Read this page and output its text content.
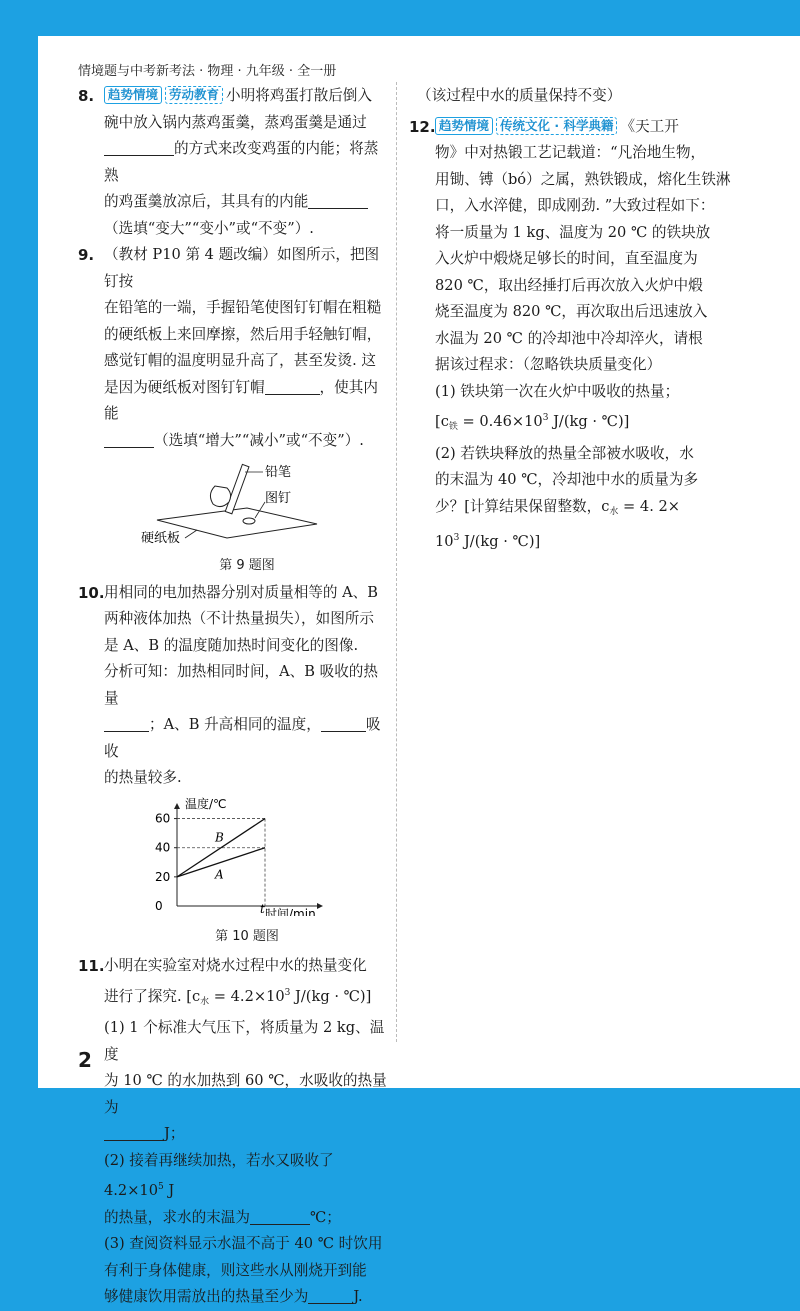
情境题与中考新考法 · 物理 · 九年级 · 全一册
8.	趋势情境 劳动教育 小明将鸡蛋打散后倒入
碗中放入锅内蒸鸡蛋羹，蒸鸡蛋羹是通过
的方式来改变鸡蛋的内能；将蒸熟
的鸡蛋羹放凉后，其具有的内能
（选填“变大”“变小”或“不变”）.
9. （教材 P10 第 4 题改编）如图所示，把图钉按
在铅笔的一端，手握铅笔使图钉钉帽在粗糙
的硬纸板上来回摩擦，然后用手轻触钉帽，
感觉钉帽的温度明显升高了，甚至发烫. 这
是因为硬纸板对图钉钉帽	，使其内能
（选填“增大”“减小”或“不变”）.
铅笔
图钉
硬纸板
第 9 题图
10. 用相同的电加热器分别对质量相等的 A、B
两种液体加热（不计热量损失），如图所示
是 A、B 的温度随加热时间变化的图像.
分析可知：加热相同时间，A、B 吸收的热量
；A、B 升高相同的温度，	吸收
的热量较多.
0
20
40
60
B
A
温度/℃
时间/min
t
第 10 题图
11. 小明在实验室对烧水过程中水的热量变化
进行了探究. [$c_水 = 4.2\times 10^3$ J/(kg · ℃)]
(1) 1 个标准大气压下，将质量为 2 kg、温度
为 10 ℃ 的水加热到 60 ℃，水吸收的热量为
J；
(2) 接着再继续加热，若水又吸收了 $4.2\times 10^5$ J
的热量，求水的末温为	℃；
(3) 查阅资料显示水温不高于 40 ℃ 时饮用
有利于身体健康，则这些水从刚烧开到能
够健康饮用需放出的热量至少为	J.
（该过程中水的质量保持不变）
12. 趋势情境 传统文化 · 科学典籍 《天工开
物》中对热锻工艺记载道：“凡治地生物，
用锄、镈（bó）之属，熟铁锻成，熔化生铁淋
口，入水淬健，即成刚劲. ”大致过程如下：
将一质量为 1 kg、温度为 20 ℃ 的铁块放
入火炉中煅烧足够长的时间，直至温度为
820 ℃，取出经捶打后再次放入火炉中煅
烧至温度为 820 ℃，再次取出后迅速放入
水温为 20 ℃ 的冷却池中冷却淬火，请根
据该过程求：（忽略铁块质量变化）
(1) 铁块第一次在火炉中吸收的热量；
[$c_铁 = 0.46\times 10^3$ J/(kg · ℃)]
(2) 若铁块释放的热量全部被水吸收，水
的末温为 40 ℃，冷却池中水的质量为多
少？[计算结果保留整数，$c_水 = 4$. 2×
$10^3$ J/(kg · ℃)]
2
